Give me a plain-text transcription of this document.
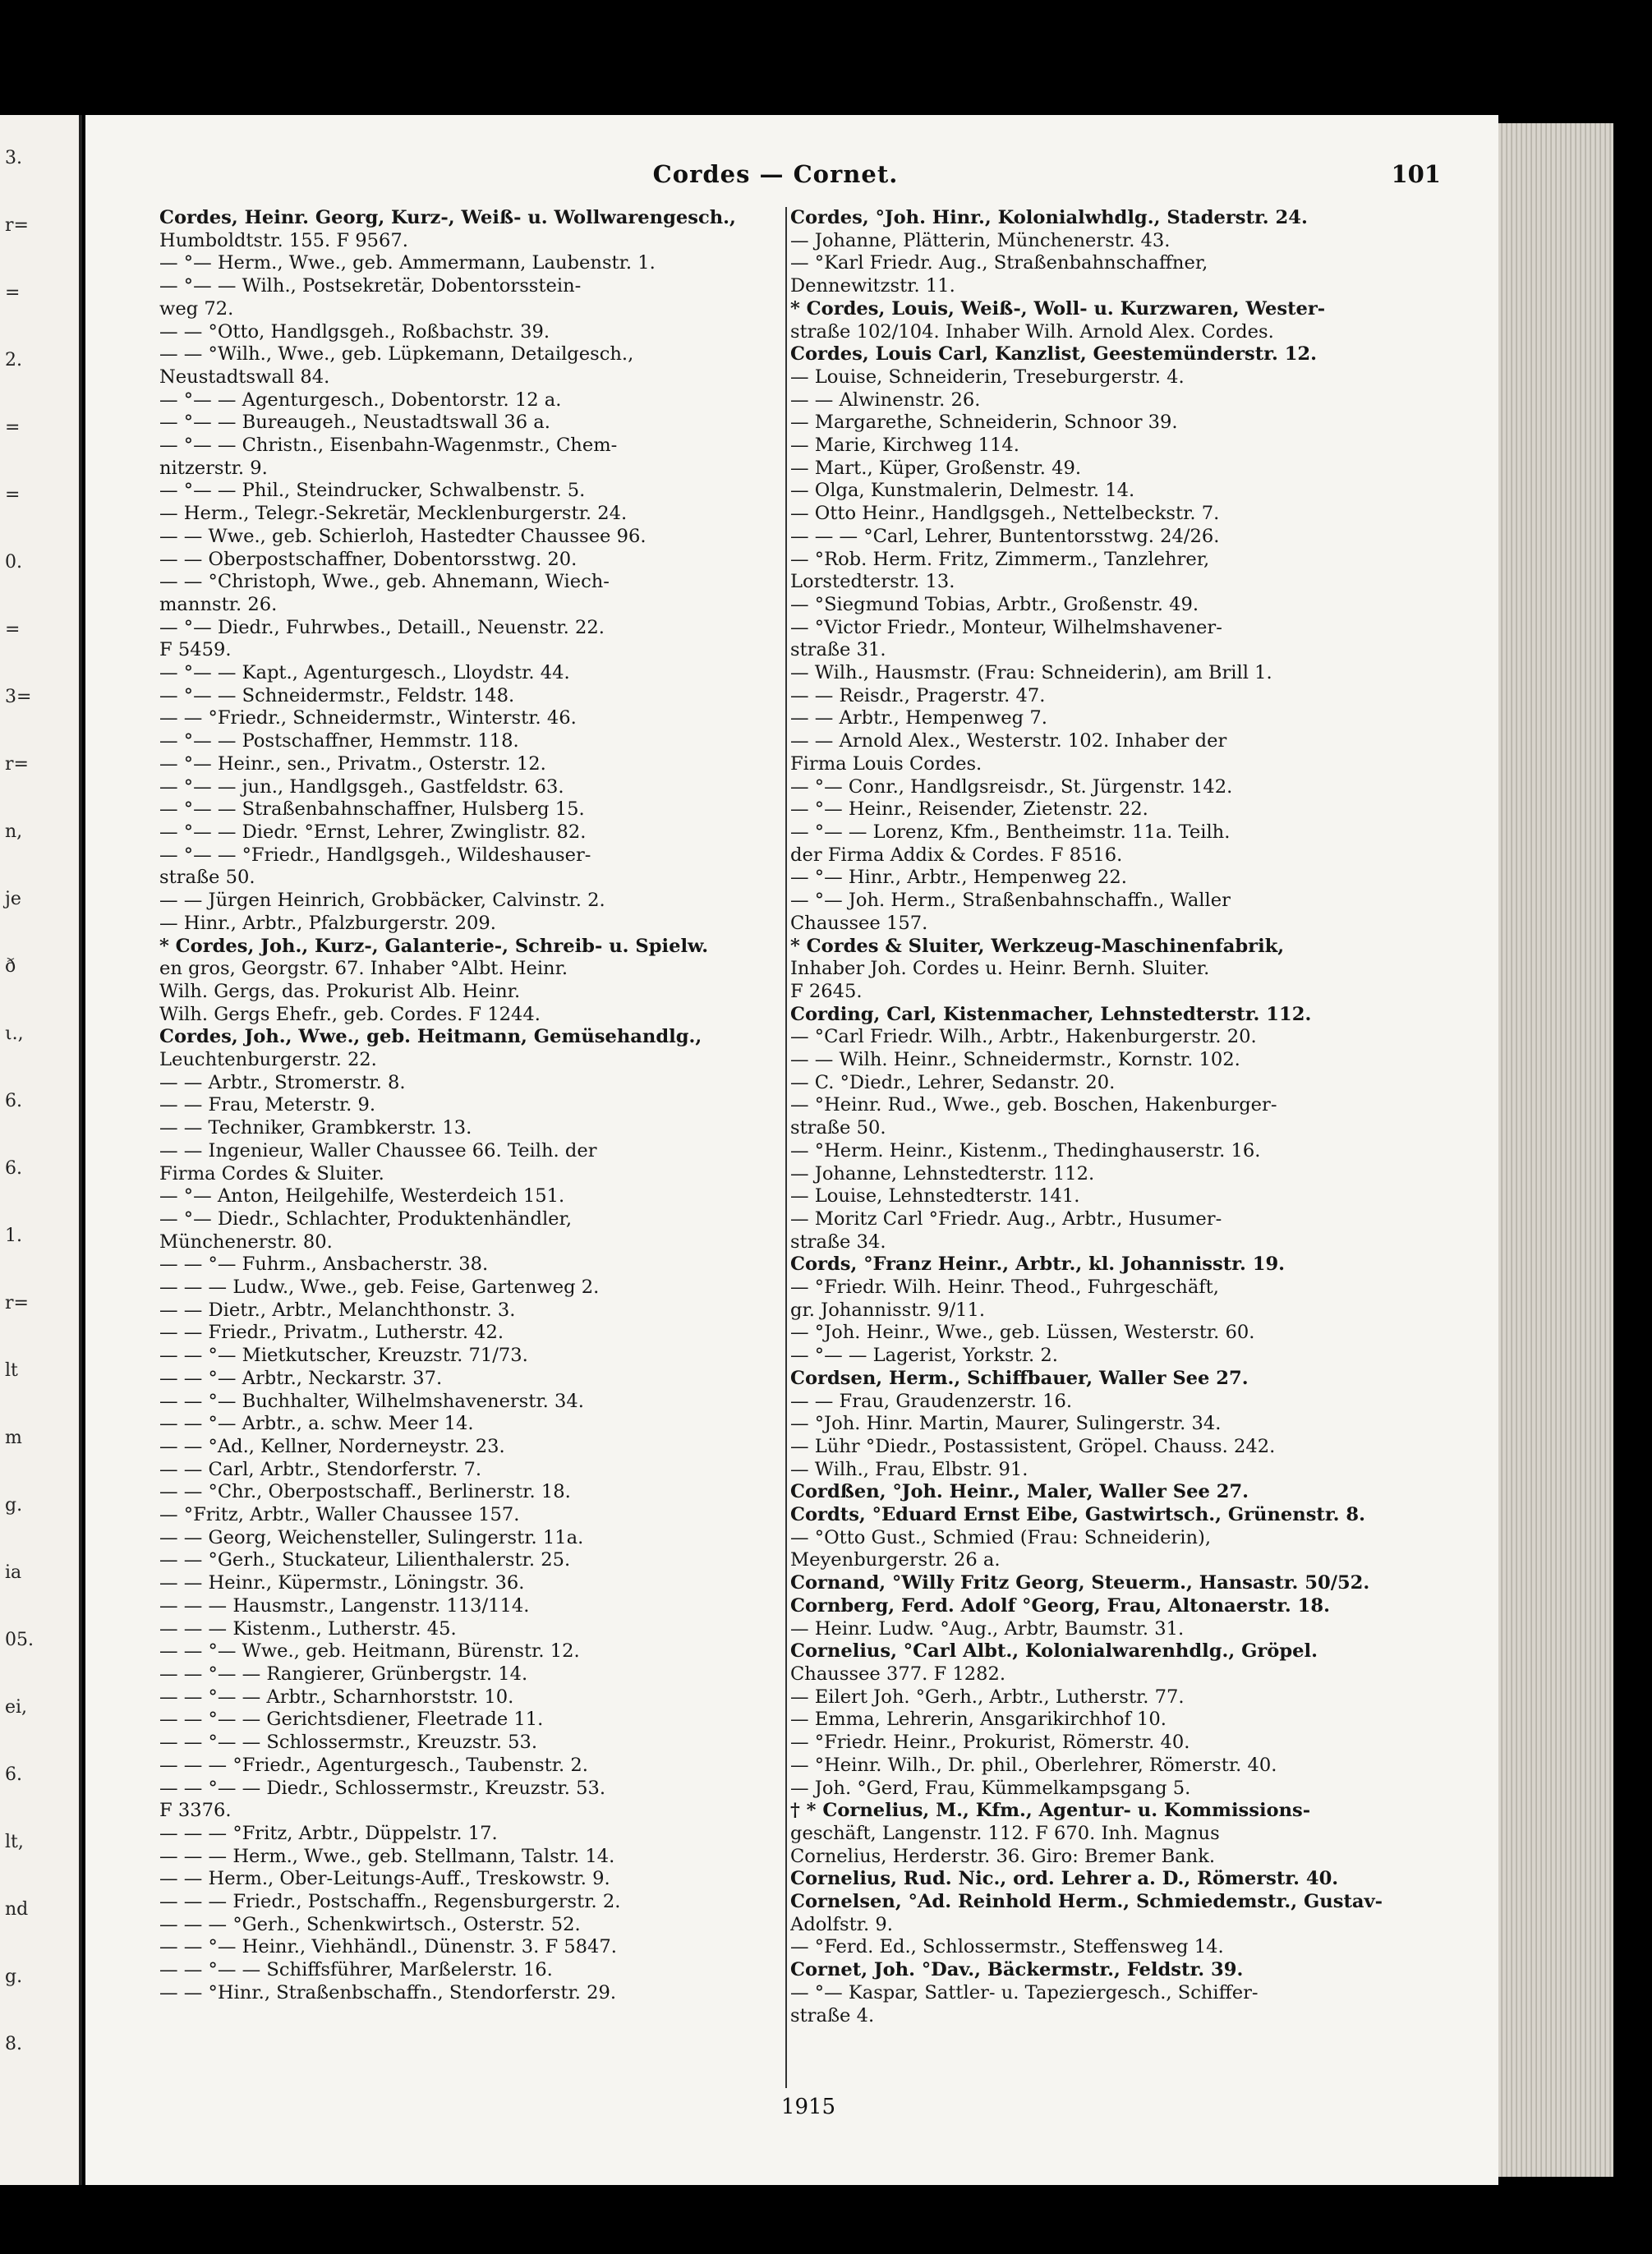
3.
r=
=
2.
=
=
0.
=
3=
r=
n,
je
ð
ι.,
6.
6.
1.
r=
lt
m
g.
ia
05.
ei,
6.
lt,
nd
g.
8.
Cordes — Cornet.	101
Cordes, Heinr. Georg, Kurz-, Weiß- u. Wollwarengesch.,
Humboldtstr. 155. F 9567.
— °— Herm., Wwe., geb. Ammermann, Laubenstr. 1.
— °— — Wilh., Postsekretär, Dobentorsstein-
weg 72.
— — °Otto, Handlgsgeh., Roßbachstr. 39.
— — °Wilh., Wwe., geb. Lüpkemann, Detailgesch.,
Neustadtswall 84.
— °— — Agenturgesch., Dobentorstr. 12 a.
— °— — Bureaugeh., Neustadtswall 36 a.
— °— — Christn., Eisenbahn-Wagenmstr., Chem-
nitzerstr. 9.
— °— — Phil., Steindrucker, Schwalbenstr. 5.
— Herm., Telegr.-Sekretär, Mecklenburgerstr. 24.
— — Wwe., geb. Schierloh, Hastedter Chaussee 96.
— — Oberpostschaffner, Dobentorsstwg. 20.
— — °Christoph, Wwe., geb. Ahnemann, Wiech-
mannstr. 26.
— °— Diedr., Fuhrwbes., Detaill., Neuenstr. 22.
F 5459.
— °— — Kapt., Agenturgesch., Lloydstr. 44.
— °— — Schneidermstr., Feldstr. 148.
— — °Friedr., Schneidermstr., Winterstr. 46.
— °— — Postschaffner, Hemmstr. 118.
— °— Heinr., sen., Privatm., Osterstr. 12.
— °— — jun., Handlgsgeh., Gastfeldstr. 63.
— °— — Straßenbahnschaffner, Hulsberg 15.
— °— — Diedr. °Ernst, Lehrer, Zwinglistr. 82.
— °— — °Friedr., Handlgsgeh., Wildeshauser-
straße 50.
— — Jürgen Heinrich, Grobbäcker, Calvinstr. 2.
— Hinr., Arbtr., Pfalzburgerstr. 209.
* Cordes, Joh., Kurz-, Galanterie-, Schreib- u. Spielw.
en gros, Georgstr. 67. Inhaber °Albt. Heinr.
Wilh. Gergs, das. Prokurist Alb. Heinr.
Wilh. Gergs Ehefr., geb. Cordes. F 1244.
Cordes, Joh., Wwe., geb. Heitmann, Gemüsehandlg.,
Leuchtenburgerstr. 22.
— — Arbtr., Stromerstr. 8.
— — Frau, Meterstr. 9.
— — Techniker, Grambkerstr. 13.
— — Ingenieur, Waller Chaussee 66. Teilh. der
Firma Cordes & Sluiter.
— °— Anton, Heilgehilfe, Westerdeich 151.
— °— Diedr., Schlachter, Produktenhändler,
Münchenerstr. 80.
— — °— Fuhrm., Ansbacherstr. 38.
— — — Ludw., Wwe., geb. Feise, Gartenweg 2.
— — Dietr., Arbtr., Melanchthonstr. 3.
— — Friedr., Privatm., Lutherstr. 42.
— — °— Mietkutscher, Kreuzstr. 71/73.
— — °— Arbtr., Neckarstr. 37.
— — °— Buchhalter, Wilhelmshavenerstr. 34.
— — °— Arbtr., a. schw. Meer 14.
— — °Ad., Kellner, Norderneystr. 23.
— — Carl, Arbtr., Stendorferstr. 7.
— — °Chr., Oberpostschaff., Berlinerstr. 18.
— °Fritz, Arbtr., Waller Chaussee 157.
— — Georg, Weichensteller, Sulingerstr. 11a.
— — °Gerh., Stuckateur, Lilienthalerstr. 25.
— — Heinr., Küpermstr., Löningstr. 36.
— — — Hausmstr., Langenstr. 113/114.
— — — Kistenm., Lutherstr. 45.
— — °— Wwe., geb. Heitmann, Bürenstr. 12.
— — °— — Rangierer, Grünbergstr. 14.
— — °— — Arbtr., Scharnhorststr. 10.
— — °— — Gerichtsdiener, Fleetrade 11.
— — °— — Schlossermstr., Kreuzstr. 53.
— — — °Friedr., Agenturgesch., Taubenstr. 2.
— — °— — Diedr., Schlossermstr., Kreuzstr. 53.
F 3376.
— — — °Fritz, Arbtr., Düppelstr. 17.
— — — Herm., Wwe., geb. Stellmann, Talstr. 14.
— — Herm., Ober-Leitungs-Auff., Treskowstr. 9.
— — — Friedr., Postschaffn., Regensburgerstr. 2.
— — — °Gerh., Schenkwirtsch., Osterstr. 52.
— — °— Heinr., Viehhändl., Dünenstr. 3. F 5847.
— — °— — Schiffsführer, Marßelerstr. 16.
— — °Hinr., Straßenbschaffn., Stendorferstr. 29.
Cordes, °Joh. Hinr., Kolonialwhdlg., Staderstr. 24.
— Johanne, Plätterin, Münchenerstr. 43.
— °Karl Friedr. Aug., Straßenbahnschaffner,
Dennewitzstr. 11.
* Cordes, Louis, Weiß-, Woll- u. Kurzwaren, Wester-
straße 102/104. Inhaber Wilh. Arnold Alex. Cordes.
Cordes, Louis Carl, Kanzlist, Geestemünderstr. 12.
— Louise, Schneiderin, Treseburgerstr. 4.
— — Alwinenstr. 26.
— Margarethe, Schneiderin, Schnoor 39.
— Marie, Kirchweg 114.
— Mart., Küper, Großenstr. 49.
— Olga, Kunstmalerin, Delmestr. 14.
— Otto Heinr., Handlgsgeh., Nettelbeckstr. 7.
— — — °Carl, Lehrer, Buntentorsstwg. 24/26.
— °Rob. Herm. Fritz, Zimmerm., Tanzlehrer,
Lorstedterstr. 13.
— °Siegmund Tobias, Arbtr., Großenstr. 49.
— °Victor Friedr., Monteur, Wilhelmshavener-
straße 31.
— Wilh., Hausmstr. (Frau: Schneiderin), am Brill 1.
— — Reisdr., Pragerstr. 47.
— — Arbtr., Hempenweg 7.
— — Arnold Alex., Westerstr. 102. Inhaber der
Firma Louis Cordes.
— °— Conr., Handlgsreisdr., St. Jürgenstr. 142.
— °— Heinr., Reisender, Zietenstr. 22.
— °— — Lorenz, Kfm., Bentheimstr. 11a. Teilh.
der Firma Addix & Cordes. F 8516.
— °— Hinr., Arbtr., Hempenweg 22.
— °— Joh. Herm., Straßenbahnschaffn., Waller
Chaussee 157.
* Cordes & Sluiter, Werkzeug-Maschinenfabrik,
Inhaber Joh. Cordes u. Heinr. Bernh. Sluiter.
F 2645.
Cording, Carl, Kistenmacher, Lehnstedterstr. 112.
— °Carl Friedr. Wilh., Arbtr., Hakenburgerstr. 20.
— — Wilh. Heinr., Schneidermstr., Kornstr. 102.
— C. °Diedr., Lehrer, Sedanstr. 20.
— °Heinr. Rud., Wwe., geb. Boschen, Hakenburger-
straße 50.
— °Herm. Heinr., Kistenm., Thedinghauserstr. 16.
— Johanne, Lehnstedterstr. 112.
— Louise, Lehnstedterstr. 141.
— Moritz Carl °Friedr. Aug., Arbtr., Husumer-
straße 34.
Cords, °Franz Heinr., Arbtr., kl. Johannisstr. 19.
— °Friedr. Wilh. Heinr. Theod., Fuhrgeschäft,
gr. Johannisstr. 9/11.
— °Joh. Heinr., Wwe., geb. Lüssen, Westerstr. 60.
— °— — Lagerist, Yorkstr. 2.
Cordsen, Herm., Schiffbauer, Waller See 27.
— — Frau, Graudenzerstr. 16.
— °Joh. Hinr. Martin, Maurer, Sulingerstr. 34.
— Lühr °Diedr., Postassistent, Gröpel. Chauss. 242.
— Wilh., Frau, Elbstr. 91.
Cordßen, °Joh. Heinr., Maler, Waller See 27.
Cordts, °Eduard Ernst Eibe, Gastwirtsch., Grünenstr. 8.
— °Otto Gust., Schmied (Frau: Schneiderin),
Meyenburgerstr. 26 a.
Cornand, °Willy Fritz Georg, Steuerm., Hansastr. 50/52.
Cornberg, Ferd. Adolf °Georg, Frau, Altonaerstr. 18.
— Heinr. Ludw. °Aug., Arbtr, Baumstr. 31.
Cornelius, °Carl Albt., Kolonialwarenhdlg., Gröpel.
Chaussee 377. F 1282.
— Eilert Joh. °Gerh., Arbtr., Lutherstr. 77.
— Emma, Lehrerin, Ansgarikirchhof 10.
— °Friedr. Heinr., Prokurist, Römerstr. 40.
— °Heinr. Wilh., Dr. phil., Oberlehrer, Römerstr. 40.
— Joh. °Gerd, Frau, Kümmelkampsgang 5.
† * Cornelius, M., Kfm., Agentur- u. Kommissions-
geschäft, Langenstr. 112. F 670. Inh. Magnus
Cornelius, Herderstr. 36. Giro: Bremer Bank.
Cornelius, Rud. Nic., ord. Lehrer a. D., Römerstr. 40.
Cornelsen, °Ad. Reinhold Herm., Schmiedemstr., Gustav-
Adolfstr. 9.
— °Ferd. Ed., Schlossermstr., Steffensweg 14.
Cornet, Joh. °Dav., Bäckermstr., Feldstr. 39.
— °— Kaspar, Sattler- u. Tapeziergesch., Schiffer-
straße 4.
1915
